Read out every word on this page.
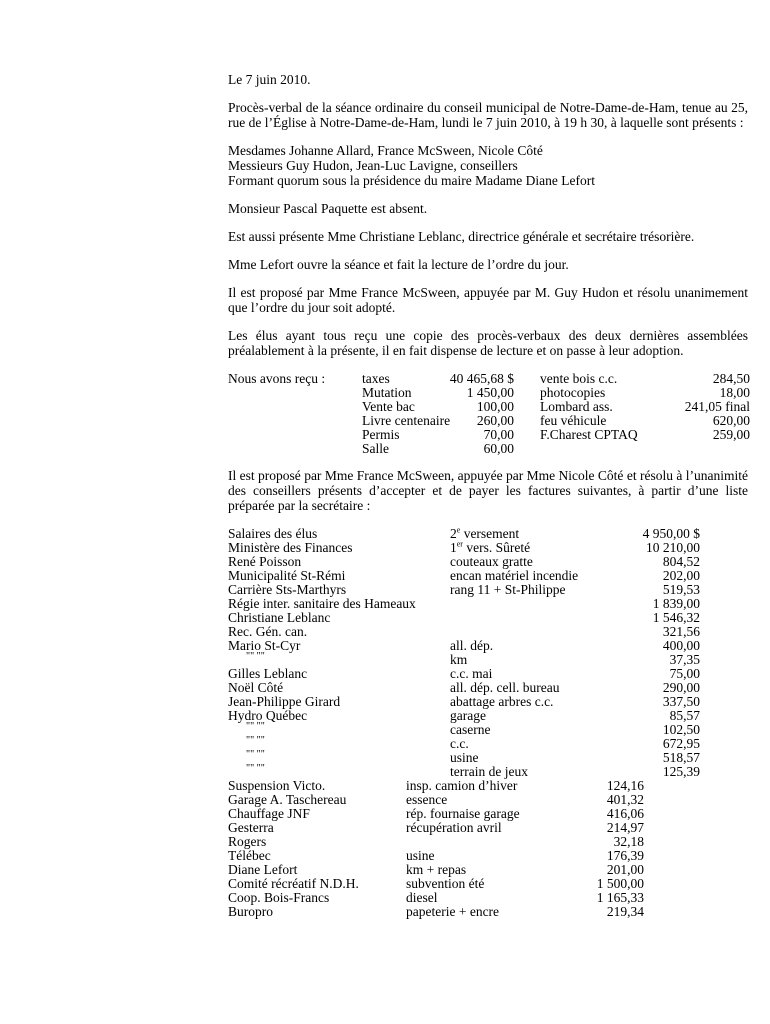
Le 7 juin 2010.

Procès-verbal de la séance ordinaire du conseil municipal de Notre-Dame-de-Ham, tenue au 25, rue de l’Église à Notre-Dame-de-Ham, lundi le 7 juin 2010, à 19 h 30, à laquelle sont présents :

Mesdames Johanne Allard, France McSween, Nicole Côté
Messieurs Guy Hudon, Jean-Luc Lavigne, conseillers
Formant quorum sous la présidence du maire Madame Diane Lefort

Monsieur Pascal Paquette est absent.

Est aussi présente Mme Christiane Leblanc, directrice générale et secrétaire trésorière.

Mme Lefort ouvre la séance et fait la lecture de l’ordre du jour.

Il est proposé par Mme France McSween, appuyée par M. Guy Hudon et résolu unanimement que l’ordre du jour soit adopté.

Les élus ayant tous reçu une copie des procès-verbaux des deux dernières assemblées préalablement à la présente, il en fait dispense de lecture et on passe à leur adoption.

Nous avons reçu :	taxes	40 465,68 $
Mutation	1 450,00
Vente bac	100,00
Livre centenaire 260,00
Permis	70,00
Salle	60,00
vente bois c.c.	284,50
photocopies	18,00
Lombard ass.	241,05 final
feu véhicule	620,00
F.Charest CPTAQ	259,00

Il est proposé par Mme France McSween, appuyée par Mme Nicole Côté et résolu à l’unanimité des conseillers présents d’accepter et de payer les factures suivantes, à partir d’une liste préparée par la secrétaire :

Salaires des élus	2e versement	4 950,00 $
Ministère des Finances	1er vers. Sûreté	10 210,00
René Poisson	couteaux gratte	804,52
Municipalité St-Rémi	encan matériel incendie	202,00
Carrière Sts-Marthyrs	rang 11 + St-Philippe	519,53
Régie inter. sanitaire des Hameaux	1 839,00
Christiane Leblanc	1 546,32
Rec. Gén. can.	321,56
Mario St-Cyr	all. dép.	400,00
"" ""	km	37,35
Gilles Leblanc	c.c. mai	75,00
Noël Côté	all. dép. cell. bureau	290,00
Jean-Philippe Girard	abattage arbres c.c.	337,50
Hydro Québec	garage	85,57
"" ""	caserne	102,50
"" ""	c.c.	672,95
"" ""	usine	518,57
"" ""	terrain de jeux	125,39
Suspension Victo.	insp. camion d’hiver	124,16
Garage A. Taschereau	essence	401,32
Chauffage JNF	rép. fournaise garage	416,06
Gesterra	récupération avril	214,97
Rogers	32,18
Télébec	usine	176,39
Diane Lefort	km + repas	201,00
Comité récréatif N.D.H.	subvention été	1 500,00
Coop. Bois-Francs	diesel	1 165,33
Buropro	papeterie + encre	219,34
